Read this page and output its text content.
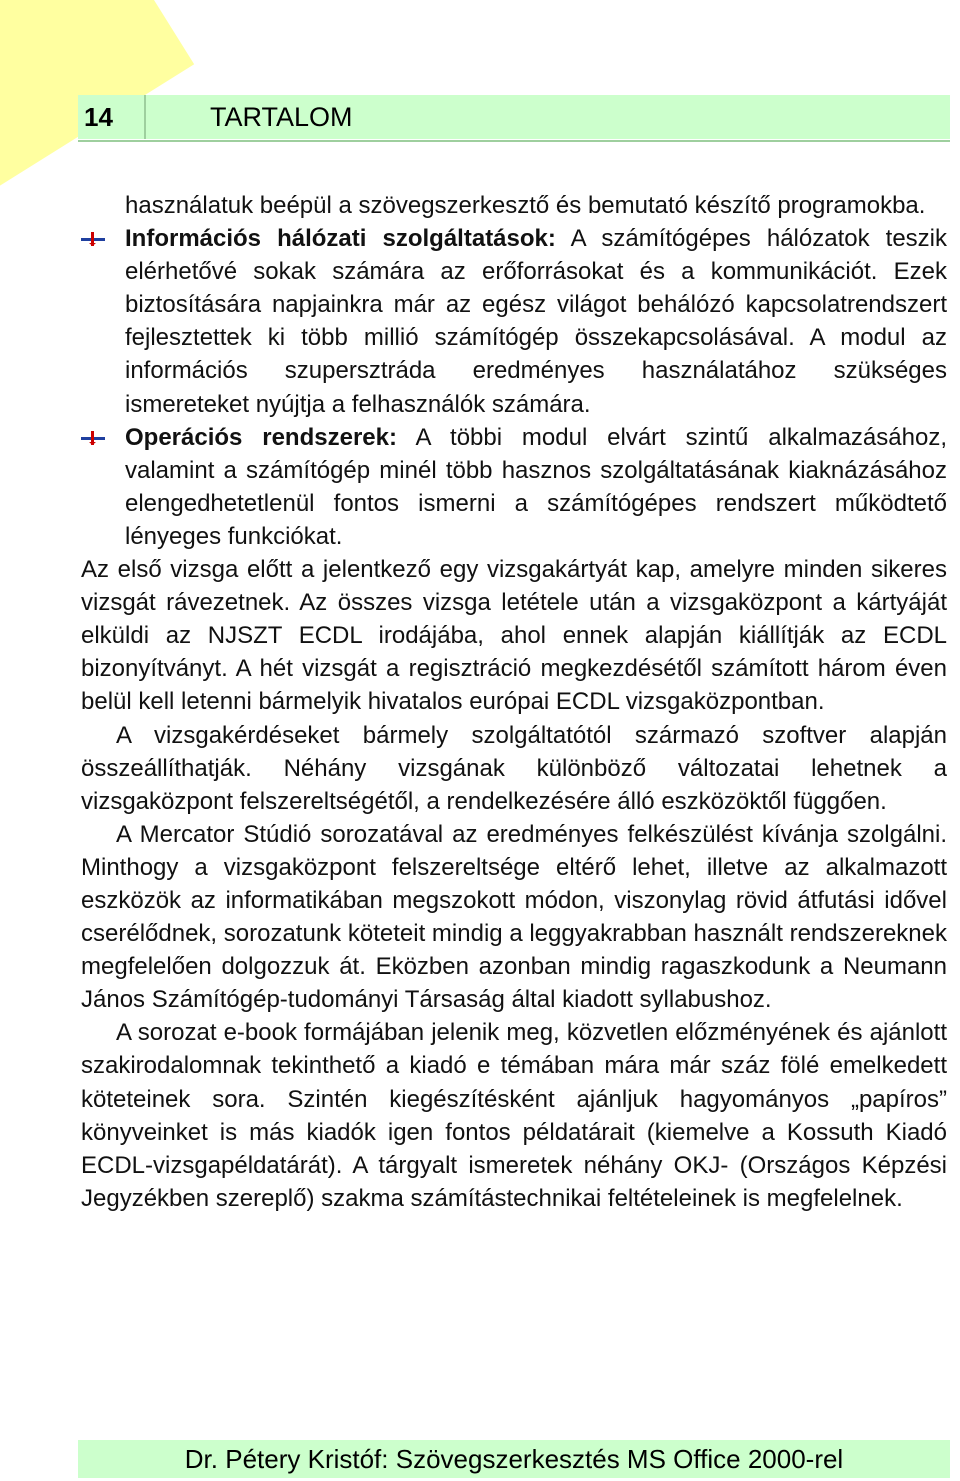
14	TARTALOM

használatuk beépül a szövegszerkesztő és bemutató készítő programokba.

Információs hálózati szolgáltatások: A számítógépes hálózatok teszik elérhetővé sokak számára az erőforrásokat és a kommunikációt. Ezek biztosítására napjainkra már az egész világot behálózó kapcsolatrendszert fejlesztettek ki több millió számítógép összekapcsolásával. A modul az információs szupersztráda eredményes használatához szükséges ismereteket nyújtja a felhasználók számára.
Operációs rendszerek: A többi modul elvárt szintű alkalmazásához, valamint a számítógép minél több hasznos szolgáltatásának kiaknázásához elengedhetetlenül fontos ismerni a számítógépes rendszert működtető lényeges funkciókat.

Az első vizsga előtt a jelentkező egy vizsgakártyát kap, amelyre minden sikeres vizsgát rávezetnek. Az összes vizsga letétele után a vizsgaközpont a kártyáját elküldi az NJSZT ECDL irodájába, ahol ennek alapján kiállítják az ECDL bizonyítványt. A hét vizsgát a regisztráció megkezdésétől számított három éven belül kell letenni bármelyik hivatalos európai ECDL vizsgaközpontban.

A vizsgakérdéseket bármely szolgáltatótól származó szoftver alapján összeállíthatják. Néhány vizsgának különböző változatai lehetnek a vizsgaközpont felszereltségétől, a rendelkezésére álló eszközöktől függően.

A Mercator Stúdió sorozatával az eredményes felkészülést kívánja szolgálni. Minthogy a vizsgaközpont felszereltsége eltérő lehet, illetve az alkalmazott eszközök az informatikában megszokott módon, viszonylag rövid átfutási idővel cserélődnek, sorozatunk köteteit mindig a leggyakrabban használt rendszereknek megfelelően dolgozzuk át. Eközben azonban mindig ragaszkodunk a Neumann János Számítógép-tudományi Társaság által kiadott syllabushoz.

A sorozat e-book formájában jelenik meg, közvetlen előzményének és ajánlott szakirodalomnak tekinthető a kiadó e témában mára már száz fölé emelkedett köteteinek sora. Szintén kiegészítésként ajánljuk hagyományos „papíros” könyveinket is más kiadók igen fontos példatárait (kiemelve a Kossuth Kiadó ECDL-vizsgapéldatárát). A tárgyalt ismeretek néhány OKJ- (Országos Képzési Jegyzékben szereplő) szakma számítástechnikai feltételeinek is megfelelnek.

Dr. Pétery Kristóf: Szövegszerkesztés MS Office 2000-rel
